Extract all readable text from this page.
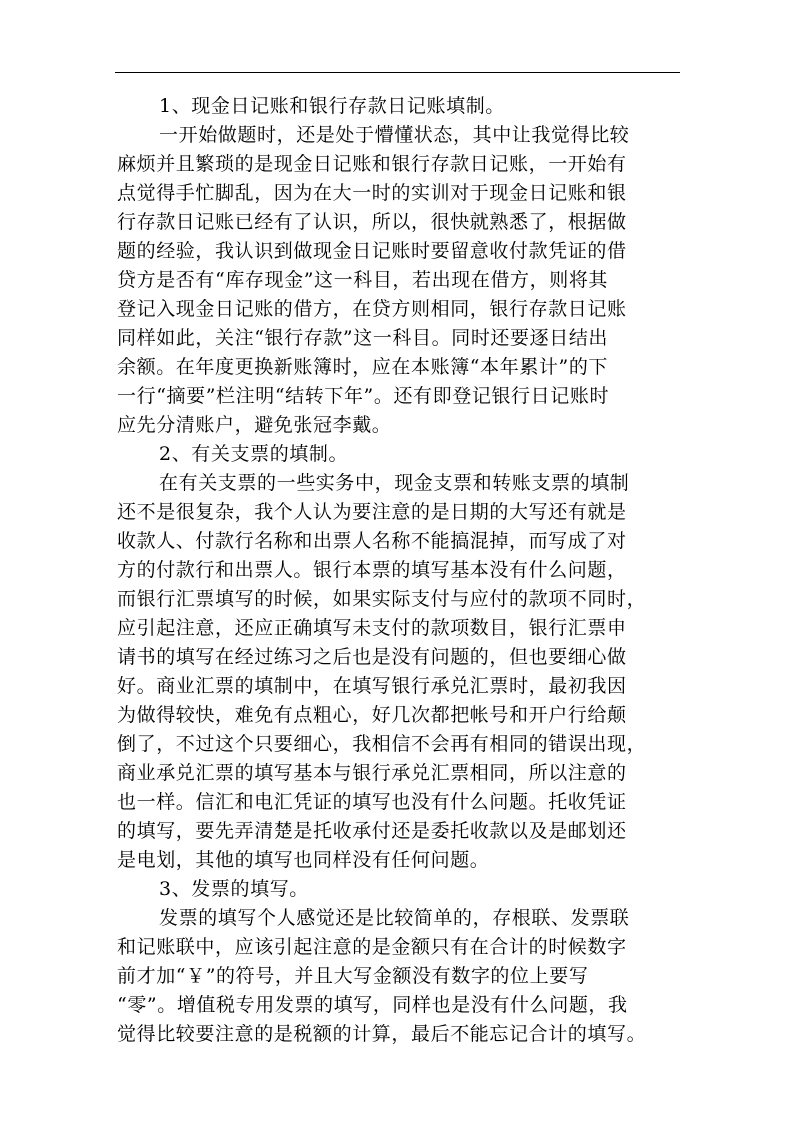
1、现金日记账和银行存款日记账填制。
一开始做题时，还是处于懵懂状态，其中让我觉得比较
麻烦并且繁琐的是现金日记账和银行存款日记账，一开始有
点觉得手忙脚乱，因为在大一时的实训对于现金日记账和银
行存款日记账已经有了认识，所以，很快就熟悉了，根据做
题的经验，我认识到做现金日记账时要留意收付款凭证的借
贷方是否有“库存现金”这一科目，若出现在借方，则将其
登记入现金日记账的借方，在贷方则相同，银行存款日记账
同样如此，关注“银行存款”这一科目。同时还要逐日结出
余额。在年度更换新账簿时，应在本账簿“本年累计”的下
一行“摘要”栏注明“结转下年”。还有即登记银行日记账时
应先分清账户，避免张冠李戴。
2、有关支票的填制。
在有关支票的一些实务中，现金支票和转账支票的填制
还不是很复杂，我个人认为要注意的是日期的大写还有就是
收款人、付款行名称和出票人名称不能搞混掉，而写成了对
方的付款行和出票人。银行本票的填写基本没有什么问题，
而银行汇票填写的时候，如果实际支付与应付的款项不同时，
应引起注意，还应正确填写未支付的款项数目，银行汇票申
请书的填写在经过练习之后也是没有问题的，但也要细心做
好。商业汇票的填制中，在填写银行承兑汇票时，最初我因
为做得较快，难免有点粗心，好几次都把帐号和开户行给颠
倒了，不过这个只要细心，我相信不会再有相同的错误出现，
商业承兑汇票的填写基本与银行承兑汇票相同，所以注意的
也一样。信汇和电汇凭证的填写也没有什么问题。托收凭证
的填写，要先弄清楚是托收承付还是委托收款以及是邮划还
是电划，其他的填写也同样没有任何问题。
3、发票的填写。
发票的填写个人感觉还是比较简单的，存根联、发票联
和记账联中，应该引起注意的是金额只有在合计的时候数字
前才加“￥”的符号，并且大写金额没有数字的位上要写
“零”。增值税专用发票的填写，同样也是没有什么问题，我
觉得比较要注意的是税额的计算，最后不能忘记合计的填写。
